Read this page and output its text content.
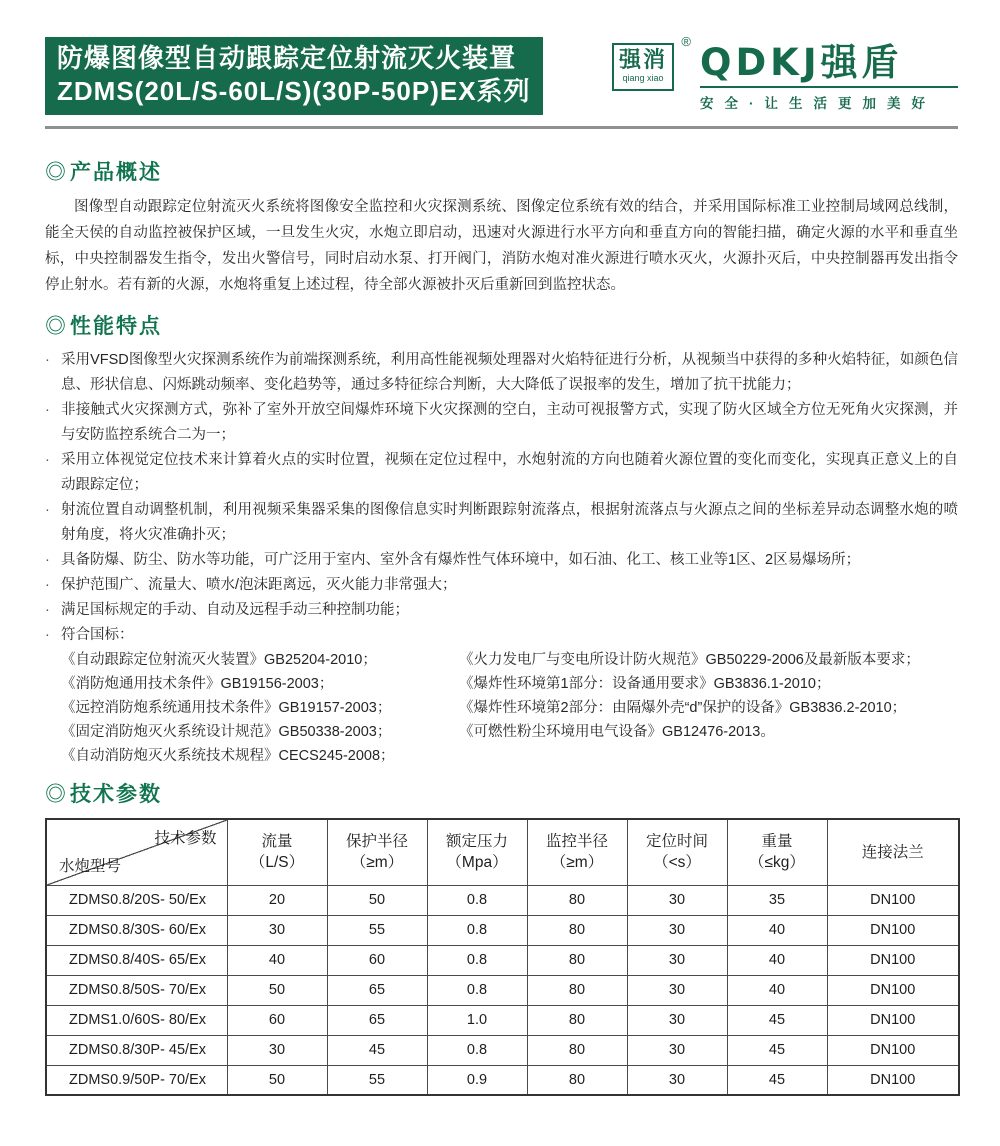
防爆图像型自动跟踪定位射流灭火装置
ZDMS(20L/S-60L/S)(30P-50P)EX系列
强消
qiang xiao
® QDKJ强盾
安全·让生活更加美好
◎ 产品概述

图像型自动跟踪定位射流灭火系统将图像安全监控和火灾探测系统、图像定位系统有效的结合，并采用国际标准工业控制局域网总线制，能全天侯的自动监控被保护区域，一旦发生火灾，水炮立即启动，迅速对火源进行水平方向和垂直方向的智能扫描，确定火源的水平和垂直坐标，中央控制器发生指令，发出火警信号，同时启动水泵、打开阀门，消防水炮对准火源进行喷水灭火，火源扑灭后，中央控制器再发出指令停止射水。若有新的火源，水炮将重复上述过程，待全部火源被扑灭后重新回到监控状态。

◎ 性能特点
· 采用VFSD图像型火灾探测系统作为前端探测系统，利用高性能视频处理器对火焰特征进行分析，从视频当中获得的多种火焰特征，如颜色信息、形状信息、闪烁跳动频率、变化趋势等，通过多特征综合判断，大大降低了误报率的发生，增加了抗干扰能力；
· 非接触式火灾探测方式，弥补了室外开放空间爆炸环境下火灾探测的空白，主动可视报警方式，实现了防火区域全方位无死角火灾探测，并与安防监控系统合二为一；
· 采用立体视觉定位技术来计算着火点的实时位置，视频在定位过程中，水炮射流的方向也随着火源位置的变化而变化，实现真正意义上的自动跟踪定位；
· 射流位置自动调整机制，利用视频采集器采集的图像信息实时判断跟踪射流落点，根据射流落点与火源点之间的坐标差异动态调整水炮的喷射角度，将火灾准确扑灭；
· 具备防爆、防尘、防水等功能，可广泛用于室内、室外含有爆炸性气体环境中，如石油、化工、核工业等1区、2区易爆场所；
· 保护范围广、流量大、喷水/泡沫距离远，灭火能力非常强大；
· 满足国标规定的手动、自动及远程手动三种控制功能；
· 符合国标：
《自动跟踪定位射流灭火装置》GB25204-2010；
《消防炮通用技术条件》GB19156-2003；
《远控消防炮系统通用技术条件》GB19157-2003；
《固定消防炮灭火系统设计规范》GB50338-2003；
《自动消防炮灭火系统技术规程》CECS245-2008；
《火力发电厂与变电所设计防火规范》GB50229-2006及最新版本要求；
《爆炸性环境第1部分：设备通用要求》GB3836.1-2010；
《爆炸性环境第2部分：由隔爆外壳“d”保护的设备》GB3836.2-2010；
《可燃性粉尘环境用电气设备》GB12476-2013。
◎ 技术参数
技术参数
水炮型号

流量
（L/S）

保护半径
（≥m）

额定压力
（Mpa）

监控半径
（≥m）

定位时间
（<s）

重量
（≤kg）

连接法兰

ZDMS0.8/20S- 50/Ex	20	50	0.8	80	30	35	DN100
ZDMS0.8/30S- 60/Ex	30	55	0.8	80	30	40	DN100
ZDMS0.8/40S- 65/Ex	40	60	0.8	80	30	40	DN100
ZDMS0.8/50S- 70/Ex	50	65	0.8	80	30	40	DN100
ZDMS1.0/60S- 80/Ex	60	65	1.0	80	30	45	DN100
ZDMS0.8/30P- 45/Ex	30	45	0.8	80	30	45	DN100
ZDMS0.9/50P- 70/Ex	50	55	0.9	80	30	45	DN100
